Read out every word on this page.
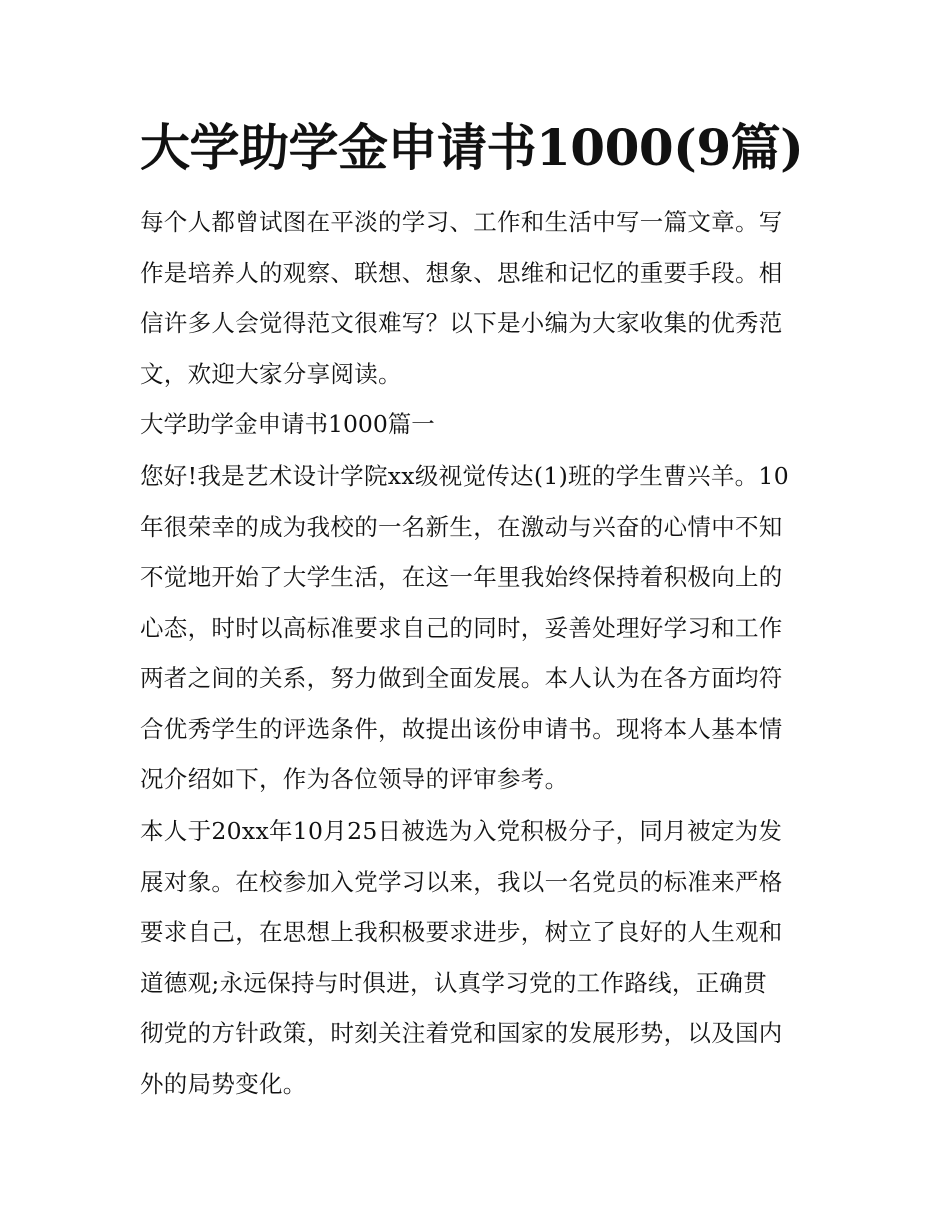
大学助学金申请书1000(9篇)
每个人都曾试图在平淡的学习、工作和生活中写一篇文章。写
作是培养人的观察、联想、想象、思维和记忆的重要手段。相
信许多人会觉得范文很难写？以下是小编为大家收集的优秀范
文，欢迎大家分享阅读。
大学助学金申请书1000篇一
您好!我是艺术设计学院xx级视觉传达(1)班的学生曹兴羊。10
年很荣幸的成为我校的一名新生，在激动与兴奋的心情中不知
不觉地开始了大学生活，在这一年里我始终保持着积极向上的
心态，时时以高标准要求自己的同时，妥善处理好学习和工作
两者之间的关系，努力做到全面发展。本人认为在各方面均符
合优秀学生的评选条件，故提出该份申请书。现将本人基本情
况介绍如下，作为各位领导的评审参考。
本人于20xx年10月25日被选为入党积极分子，同月被定为发
展对象。在校参加入党学习以来，我以一名党员的标准来严格
要求自己，在思想上我积极要求进步，树立了良好的人生观和
道德观;永远保持与时俱进，认真学习党的工作路线，正确贯
彻党的方针政策，时刻关注着党和国家的发展形势，以及国内
外的局势变化。
